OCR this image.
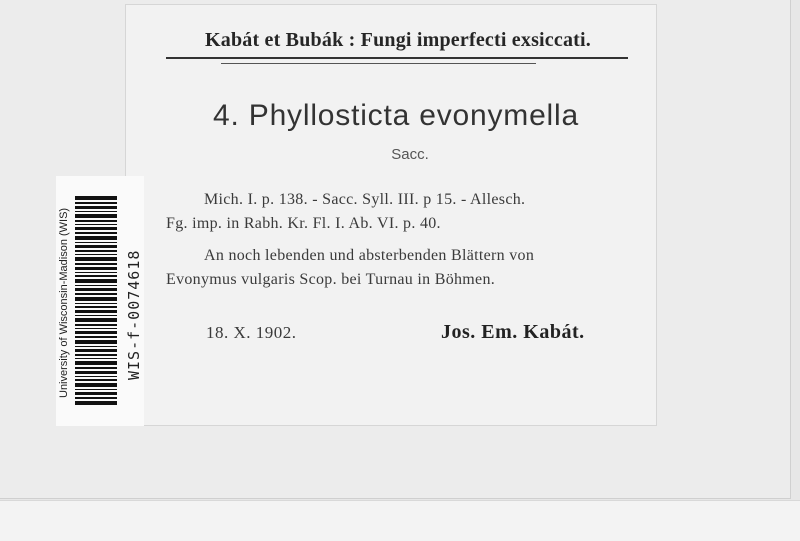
Kabát et Bubák : Fungi imperfecti exsiccati.
4. Phyllosticta evonymella
Sacc.
Mich. I. p. 138. - Sacc. Syll. III. p 15. - Allesch.
Fg. imp. in Rabh. Kr. Fl. I. Ab. VI. p. 40.
An noch lebenden und absterbenden Blättern von
Evonymus vulgaris Scop. bei Turnau in Böhmen.
18. X. 1902.	Jos. Em. Kabát.
University of Wisconsin-Madison (WIS)	WIS-f-0074618
